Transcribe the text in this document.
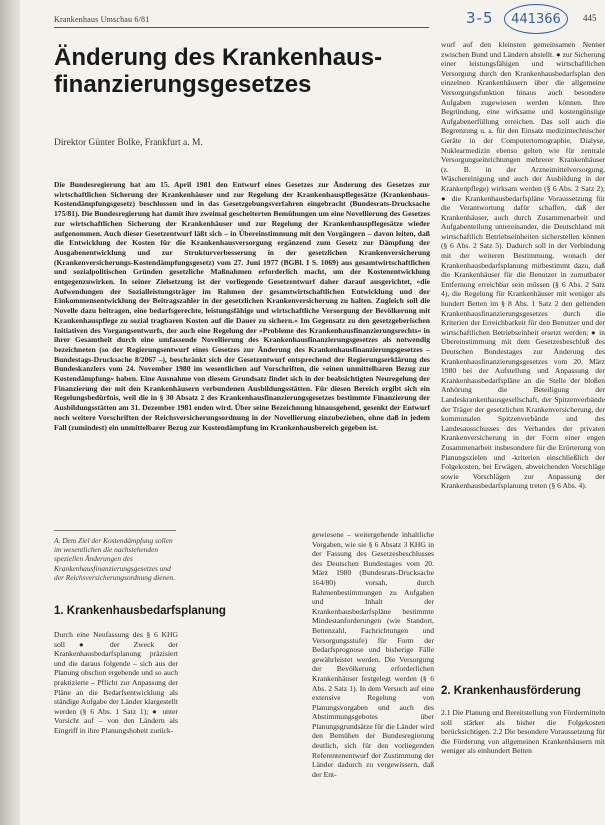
Krankenhaus Umschau 6/81	3-5 441366 445
Änderung des Krankenhaus-
finanzierungsgesetzes
Direktor Günter Bolke, Frankfurt a. M.
Die Bundesregierung hat am 15. April 1981 den Entwurf eines Gesetzes zur Änderung des Gesetzes zur wirtschaftlichen Sicherung der Krankenhäuser und zur Regelung der Krankenhauspflegesätze (Krankenhaus-Kostendämpfungsgesetz) beschlossen und in das Gesetzgebungsverfahren eingebracht (Bundesrats-Drucksache 175/81). Die Bundesregierung hat damit ihre zweimal gescheiterten Bemühungen um eine Novellierung des Gesetzes zur wirtschaftlichen Sicherung der Krankenhäuser und zur Regelung der Krankenhauspflegesätze wieder aufgenommen. Auch dieser Gesetzentwurf läßt sich – in Übereinstimmung mit den Vorgängern – davon leiten, daß die Entwicklung der Kosten für die Krankenhausversorgung ergänzend zum Gesetz zur Dämpfung der Ausgabenentwicklung und zur Strukturverbesserung in der gesetzlichen Krankenversicherung (Krankenversicherungs-Kostendämpfungsgesetz) vom 27. Juni 1977 (BGBl. I S. 1069) aus gesamtwirtschaftlichen und sozialpolitischen Gründen gesetzliche Maßnahmen erforderlich macht, um der Kostenentwicklung entgegenzuwirken. In seiner Zielsetzung ist der vorliegende Gesetzentwurf daher darauf ausgerichtet, »die Aufwendungen der Sozialleistungsträger im Rahmen der gesamtwirtschaftlichen Entwicklung und der Einkommensentwicklung der Beitragszahler in der gesetzlichen Krankenversicherung zu halten. Zugleich soll die Novelle dazu beitragen, eine bedarfsgerechte, leistungsfähige und wirtschaftliche Versorgung der Bevölkerung mit Krankenhauspflege zu sozial tragbaren Kosten auf die Dauer zu sichern.« Im Gegensatz zu den gesetzgeberischen Initiativen des Vorgangsentwurfs, der auch eine Regelung der »Probleme des Krankenhausfinanzierungsrechts« in ihrer Gesamtheit durch eine umfassende Novellierung des Krankenhausfinanzierungsgesetzes als notwendig bezeichneten (so der Regierungsentwurf eines Gesetzes zur Änderung des Krankenhausfinanzierungsgesetzes – Bundestags-Drucksache 8/2067 –), beschränkt sich der Gesetzentwurf entsprechend der Regierungserklärung des Bundeskanzlers vom 24. November 1980 im wesentlichen auf Vorschriften, die »einen unmittelbaren Bezug zur Kostendämpfung« haben. Eine Ausnahme von diesem Grundsatz findet sich in der beabsichtigten Neuregelung der Finanzierung der mit den Krankenhäusern verbundenen Ausbildungsstätten. Für diesen Bereich ergibt sich ein Regelungsbedürfnis, weil die in § 30 Absatz 2 des Krankenhausfinanzierungsgesetzes bestimmte Finanzierung der Ausbildungsstätten am 31. Dezember 1981 enden wird. Über seine Bezeichnung hinausgehend, gesenkt der Entwurf noch weitere Vorschriften der Reichsversicherungsordnung in der Novellierung einzubeziehen, ohne daß in jedem Fall (zumindest) ein unmittelbarer Bezug zur Kostendämpfung im Krankenhausbereich gegeben ist.
A. Dem Ziel der Kostendämpfung sollen im wesentlichen die nachstehenden speziellen Änderungen des Krankenhausfinanzierungsgesetzes und der Reichsversicherungsordnung dienen.
1. Krankenhausbedarfsplanung
Durch eine Neufassung des § 6 KHG soll ● der Zweck der Krankenhausbedarfsplanung präzisiert und die daraus folgende – sich aus der Planung obschon ergebende und so auch praktizierte – Pflicht zur Anpassung der Pläne an die Bedarfsentwicklung als ständige Aufgabe der Länder klargestellt werden (§ 6 Abs. 1 Satz 1); ● unter Vorsicht auf – von den Ländern als Eingriff in ihre Planungshoheit zurück-
gewiesene – weitergehende inhaltliche Vorgaben, wie sie § 6 Absatz 3 KHG in der Fassung des Gesetzesbeschlusses des Deutschen Bundestages vom 20. März 1980 (Bundesrats-Drucksache 164/80) vorsah, durch Rahmenbestimmungen zu Aufgaben und Inhalt der Krankenhausbedarfspläne bestimmte Mindestanforderungen (wie Standort, Bettenzahl, Fachrichtungen und Versorgungsstufe) für Form der Bedarfsprognose und bisherige Fälle gewährleistet werden. Die Versorgung der Bevölkerung erforderlichen Krankenhäuser festgelegt werden (§ 6 Abs. 2 Satz 1). In dem Versuch auf eine extensive Regelung von Planungsvorgaben und auch des Abstimmungsgebotes über Planungsgrundsätze für die Länder wird den Bemühen der Bundesregierung deutlich, sich für den vorliegenden Referentenentwurf der Zustimmung der Länder dadurch zu vergewissern, daß der Ent-
wurf auf den kleinsten gemeinsamen Nenner zwischen Bund und Ländern abstellt. ● zur Sicherung einer leistungsfähigen und wirtschaftlichen Versorgung durch den Krankenhausbedarfsplan den einzelnen Krankenhäusern über die allgemeine Versorgungsfunktion hinaus auch besondere Aufgaben zugewiesen werden können. Ihre Begründung, eine wirksame und kostengünstige Aufgabenerfüllung erreichen. Das soll auch die Begrenzung u. a. für den Einsatz medizintechnischer Geräte in der Computertomographie, Dialyse, Nuklearmedizin ebenso gelten wie für zentrale Versorgungseinrichtungen mehrerer Krankenhäuser (z. B. in der Arzneimittelversorgung, Wäschereinigung und auch der Ausbildung in der Krankenpflege) wirksam werden (§ 6 Abs. 2 Satz 2); ● die Krankenhausbedarfspläne Voraussetzung für die Verantwortung dafür schaffen, daß der Krankenhäuser, auch durch Zusammenarbeit und Aufgabenteilung untereinander, die Deutschland mit wirtschaftlich Betriebseinheiten sicherstellen können (§ 6 Abs. 2 Satz 5). Dadurch soll in der Verbindung mit der weiteren Bestimmung, wonach der Krankenhausbedarfsplanung mitbestimmt dazu, daß die Krankenhäuser für die Benutzer in zumutbarer Entfernung erreichbar sein müssen (§ 6 Abs. 2 Satz 4), die Regelung für Krankenhäuser mit weniger als hundert Betten im § 8 Abs. 1 Satz 2 den geltenden Krankenhausfinanzierungsgesetzes durch die Kriterien der Erreichbarkeit für den Benutzer und der wirtschaftlichen Betriebseinheit ersetzt werden; ● in Übereinstimmung mit dem Gesetzesbeschluß des Deutschen Bundestages zur Änderung des Krankenhausfinanzierungsgesetzes vom 20. März 1980 bei der Aufstellung und Anpassung der Krankenhausbedarfspläne an die Stelle der bloßen Anhörung die Beteiligung der Landeskrankenhausgesellschaft, der Spitzenverbände der Träger der gesetzlichen Krankenversicherung, der kommunalen Spitzenverbände und des Landesausschusses des Verbandes der privaten Krankenversicherung in der Form einer engen Zusammenarbeit insbesondere für die Erörterung von Planungszielen und -kriterien einschließlich der Folgekosten, bei Erwägen, abweichenden Vorschläge sowie Vorschlägen zur Anpassung der Krankenhausbedarfsplanung treten (§ 6 Abs. 4).
2. Krankenhausförderung
2.1 Die Planung und Bereitstellung von Fördermitteln soll stärker als bisher die Folgekosten berücksichtigen. 2.2 Die besondere Voraussetzung für die Förderung von allgemeinen Krankenhäusern mit weniger als einhundert Betten
